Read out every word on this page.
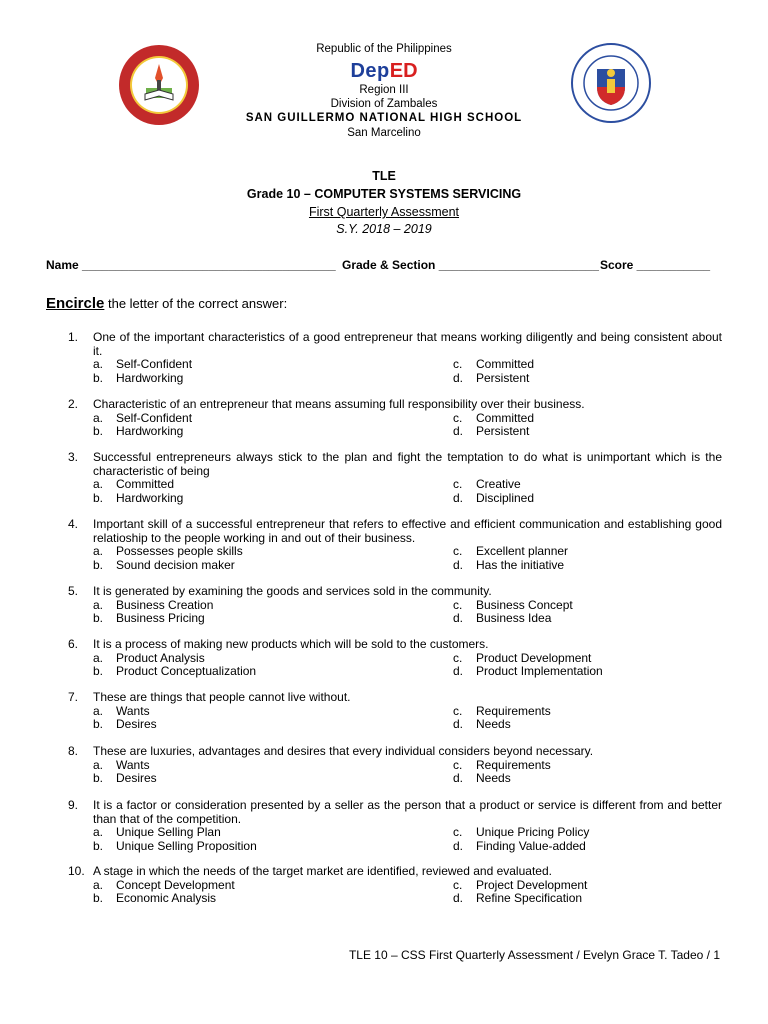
Republic of the Philippines
DepED
Region III
Division of Zambales
SAN GUILLERMO NATIONAL HIGH SCHOOL
San Marcelino
TLE
Grade 10 – COMPUTER SYSTEMS SERVICING
First Quarterly Assessment
S.Y. 2018 – 2019
Name ______________________________________ Grade & Section ________________________ Score ___________
Encircle the letter of the correct answer:
1. One of the important characteristics of a good entrepreneur that means working diligently and being consistent about it.
a. Self-Confident
b. Hardworking
c. Committed
d. Persistent
2. Characteristic of an entrepreneur that means assuming full responsibility over their business.
a. Self-Confident
b. Hardworking
c. Committed
d. Persistent
3. Successful entrepreneurs always stick to the plan and fight the temptation to do what is unimportant which is the characteristic of being
a. Committed
b. Hardworking
c. Creative
d. Disciplined
4. Important skill of a successful entrepreneur that refers to effective and efficient communication and establishing good relatioship to the people working in and out of their business.
a. Possesses people skills
b. Sound decision maker
c. Excellent planner
d. Has the initiative
5. It is generated by examining the goods and services sold in the community.
a. Business Creation
b. Business Pricing
c. Business Concept
d. Business Idea
6. It is a process of making new products which will be sold to the customers.
a. Product Analysis
b. Product Conceptualization
c. Product Development
d. Product Implementation
7. These are things that people cannot live without.
a. Wants
b. Desires
c. Requirements
d. Needs
8. These are luxuries, advantages and desires that every individual considers beyond necessary.
a. Wants
b. Desires
c. Requirements
d. Needs
9. It is a factor or consideration presented by a seller as the person that a product or service is different from and better than that of the competition.
a. Unique Selling Plan
b. Unique Selling Proposition
c. Unique Pricing Policy
d. Finding Value-added
10. A stage in which the needs of the target market are identified, reviewed and evaluated.
a. Concept Development
b. Economic Analysis
c. Project Development
d. Refine Specification
TLE 10 – CSS First Quarterly Assessment / Evelyn Grace T. Tadeo / 1
